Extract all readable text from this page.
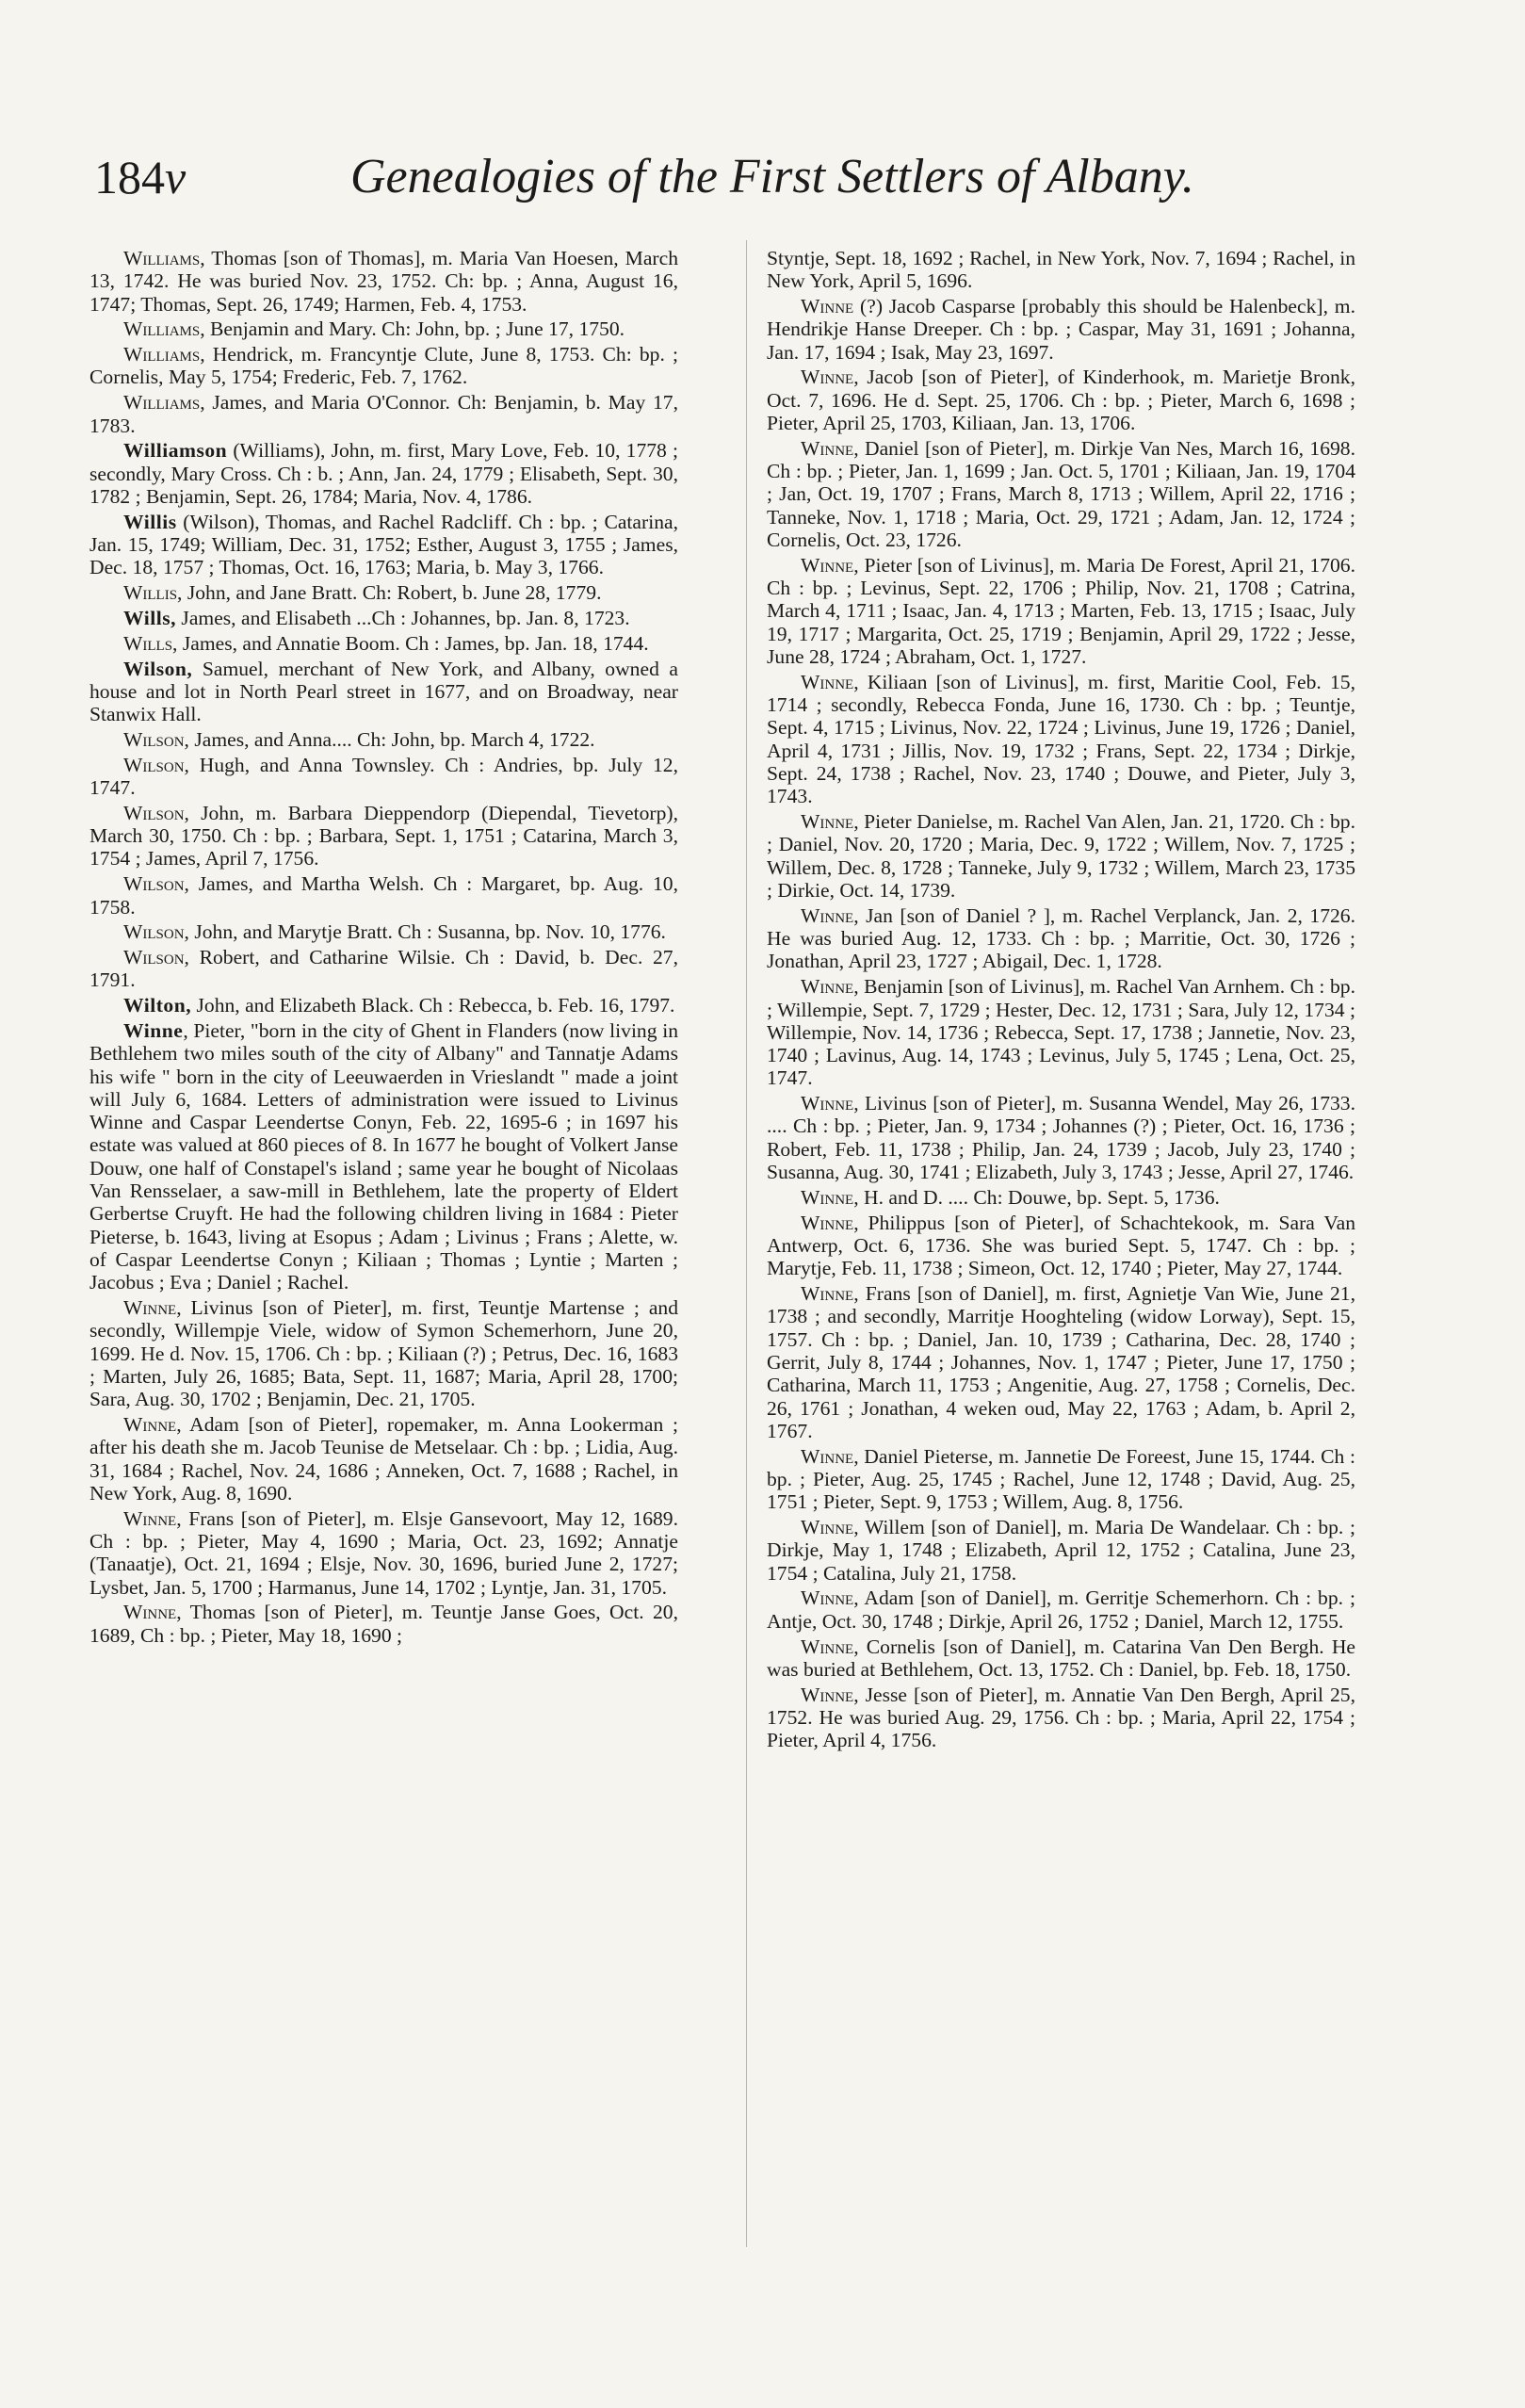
184v	Genealogies of the First Settlers of Albany.

Williams, Thomas [son of Thomas], m. Maria Van Hoesen, March 13, 1742. He was buried Nov. 23, 1752. Ch: bp. ; Anna, August 16, 1747; Thomas, Sept. 26, 1749; Harmen, Feb. 4, 1753.

Williams, Benjamin and Mary. Ch: John, bp. ; June 17, 1750.

Williams, Hendrick, m. Francyntje Clute, June 8, 1753. Ch: bp. ; Cornelis, May 5, 1754; Frederic, Feb. 7, 1762.

Williams, James, and Maria O'Connor. Ch: Benjamin, b. May 17, 1783.

Williamson (Williams), John, m. first, Mary Love, Feb. 10, 1778 ; secondly, Mary Cross. Ch : b. ; Ann, Jan. 24, 1779 ; Elisabeth, Sept. 30, 1782 ; Benjamin, Sept. 26, 1784; Maria, Nov. 4, 1786.

Willis (Wilson), Thomas, and Rachel Radcliff. Ch : bp. ; Catarina, Jan. 15, 1749; William, Dec. 31, 1752; Esther, August 3, 1755 ; James, Dec. 18, 1757 ; Thomas, Oct. 16, 1763; Maria, b. May 3, 1766.

Willis, John, and Jane Bratt. Ch: Robert, b. June 28, 1779.

Wills, James, and Elisabeth ...Ch : Johannes, bp. Jan. 8, 1723.

Wills, James, and Annatie Boom. Ch : James, bp. Jan. 18, 1744.

Wilson, Samuel, merchant of New York, and Albany, owned a house and lot in North Pearl street in 1677, and on Broadway, near Stanwix Hall.

Wilson, James, and Anna.... Ch: John, bp. March 4, 1722.

Wilson, Hugh, and Anna Townsley. Ch : Andries, bp. July 12, 1747.

Wilson, John, m. Barbara Dieppendorp (Diependal, Tievetorp), March 30, 1750. Ch : bp. ; Barbara, Sept. 1, 1751 ; Catarina, March 3, 1754 ; James, April 7, 1756.

Wilson, James, and Martha Welsh. Ch : Margaret, bp. Aug. 10, 1758.

Wilson, John, and Marytje Bratt. Ch : Susanna, bp. Nov. 10, 1776.

Wilson, Robert, and Catharine Wilsie. Ch : David, b. Dec. 27, 1791.

Wilton, John, and Elizabeth Black. Ch : Rebecca, b. Feb. 16, 1797.

Winne, Pieter, "born in the city of Ghent in Flanders (now living in Bethlehem two miles south of the city of Albany" and Tannatje Adams his wife " born in the city of Leeuwaerden in Vrieslandt " made a joint will July 6, 1684. Letters of administration were issued to Livinus Winne and Caspar Leendertse Conyn, Feb. 22, 1695-6 ; in 1697 his estate was valued at 860 pieces of 8. In 1677 he bought of Volkert Janse Douw, one half of Constapel's island ; same year he bought of Nicolaas Van Rensselaer, a saw-mill in Bethlehem, late the property of Eldert Gerbertse Cruyft. He had the following children living in 1684 : Pieter Pieterse, b. 1643, living at Esopus ; Adam ; Livinus ; Frans ; Alette, w. of Caspar Leendertse Conyn ; Kiliaan ; Thomas ; Lyntie ; Marten ; Jacobus ; Eva ; Daniel ; Rachel.

Winne, Livinus [son of Pieter], m. first, Teuntje Martense ; and secondly, Willempje Viele, widow of Symon Schemerhorn, June 20, 1699. He d. Nov. 15, 1706. Ch : bp. ; Kiliaan (?) ; Petrus, Dec. 16, 1683 ; Marten, July 26, 1685; Bata, Sept. 11, 1687; Maria, April 28, 1700; Sara, Aug. 30, 1702 ; Benjamin, Dec. 21, 1705.

Winne, Adam [son of Pieter], ropemaker, m. Anna Lookerman ; after his death she m. Jacob Teunise de Metselaar. Ch : bp. ; Lidia, Aug. 31, 1684 ; Rachel, Nov. 24, 1686 ; Anneken, Oct. 7, 1688 ; Rachel, in New York, Aug. 8, 1690.

Winne, Frans [son of Pieter], m. Elsje Gansevoort, May 12, 1689. Ch : bp. ; Pieter, May 4, 1690 ; Maria, Oct. 23, 1692; Annatje (Tanaatje), Oct. 21, 1694 ; Elsje, Nov. 30, 1696, buried June 2, 1727; Lysbet, Jan. 5, 1700 ; Harmanus, June 14, 1702 ; Lyntje, Jan. 31, 1705.

Winne, Thomas [son of Pieter], m. Teuntje Janse Goes, Oct. 20, 1689, Ch : bp. ; Pieter, May 18, 1690 ;

Styntje, Sept. 18, 1692 ; Rachel, in New York, Nov. 7, 1694 ; Rachel, in New York, April 5, 1696.

Winne (?) Jacob Casparse [probably this should be Halenbeck], m. Hendrikje Hanse Dreeper. Ch : bp. ; Caspar, May 31, 1691 ; Johanna, Jan. 17, 1694 ; Isak, May 23, 1697.

Winne, Jacob [son of Pieter], of Kinderhook, m. Marietje Bronk, Oct. 7, 1696. He d. Sept. 25, 1706. Ch : bp. ; Pieter, March 6, 1698 ; Pieter, April 25, 1703, Kiliaan, Jan. 13, 1706.

Winne, Daniel [son of Pieter], m. Dirkje Van Nes, March 16, 1698. Ch : bp. ; Pieter, Jan. 1, 1699 ; Jan. Oct. 5, 1701 ; Kiliaan, Jan. 19, 1704 ; Jan, Oct. 19, 1707 ; Frans, March 8, 1713 ; Willem, April 22, 1716 ; Tanneke, Nov. 1, 1718 ; Maria, Oct. 29, 1721 ; Adam, Jan. 12, 1724 ; Cornelis, Oct. 23, 1726.

Winne, Pieter [son of Livinus], m. Maria De Forest, April 21, 1706. Ch : bp. ; Levinus, Sept. 22, 1706 ; Philip, Nov. 21, 1708 ; Catrina, March 4, 1711 ; Isaac, Jan. 4, 1713 ; Marten, Feb. 13, 1715 ; Isaac, July 19, 1717 ; Margarita, Oct. 25, 1719 ; Benjamin, April 29, 1722 ; Jesse, June 28, 1724 ; Abraham, Oct. 1, 1727.

Winne, Kiliaan [son of Livinus], m. first, Maritie Cool, Feb. 15, 1714 ; secondly, Rebecca Fonda, June 16, 1730. Ch : bp. ; Teuntje, Sept. 4, 1715 ; Livinus, Nov. 22, 1724 ; Livinus, June 19, 1726 ; Daniel, April 4, 1731 ; Jillis, Nov. 19, 1732 ; Frans, Sept. 22, 1734 ; Dirkje, Sept. 24, 1738 ; Rachel, Nov. 23, 1740 ; Douwe, and Pieter, July 3, 1743.

Winne, Pieter Danielse, m. Rachel Van Alen, Jan. 21, 1720. Ch : bp. ; Daniel, Nov. 20, 1720 ; Maria, Dec. 9, 1722 ; Willem, Nov. 7, 1725 ; Willem, Dec. 8, 1728 ; Tanneke, July 9, 1732 ; Willem, March 23, 1735 ; Dirkie, Oct. 14, 1739.

Winne, Jan [son of Daniel ? ], m. Rachel Verplanck, Jan. 2, 1726. He was buried Aug. 12, 1733. Ch : bp. ; Marritie, Oct. 30, 1726 ; Jonathan, April 23, 1727 ; Abigail, Dec. 1, 1728.

Winne, Benjamin [son of Livinus], m. Rachel Van Arnhem. Ch : bp. ; Willempie, Sept. 7, 1729 ; Hester, Dec. 12, 1731 ; Sara, July 12, 1734 ; Willempie, Nov. 14, 1736 ; Rebecca, Sept. 17, 1738 ; Jannetie, Nov. 23, 1740 ; Lavinus, Aug. 14, 1743 ; Levinus, July 5, 1745 ; Lena, Oct. 25, 1747.

Winne, Livinus [son of Pieter], m. Susanna Wendel, May 26, 1733. .... Ch : bp. ; Pieter, Jan. 9, 1734 ; Johannes (?) ; Pieter, Oct. 16, 1736 ; Robert, Feb. 11, 1738 ; Philip, Jan. 24, 1739 ; Jacob, July 23, 1740 ; Susanna, Aug. 30, 1741 ; Elizabeth, July 3, 1743 ; Jesse, April 27, 1746.

Winne, H. and D. .... Ch: Douwe, bp. Sept. 5, 1736.

Winne, Philippus [son of Pieter], of Schachtekook, m. Sara Van Antwerp, Oct. 6, 1736. She was buried Sept. 5, 1747. Ch : bp. ; Marytje, Feb. 11, 1738 ; Simeon, Oct. 12, 1740 ; Pieter, May 27, 1744.

Winne, Frans [son of Daniel], m. first, Agnietje Van Wie, June 21, 1738 ; and secondly, Marritje Hooghteling (widow Lorway), Sept. 15, 1757. Ch : bp. ; Daniel, Jan. 10, 1739 ; Catharina, Dec. 28, 1740 ; Gerrit, July 8, 1744 ; Johannes, Nov. 1, 1747 ; Pieter, June 17, 1750 ; Catharina, March 11, 1753 ; Angenitie, Aug. 27, 1758 ; Cornelis, Dec. 26, 1761 ; Jonathan, 4 weken oud, May 22, 1763 ; Adam, b. April 2, 1767.

Winne, Daniel Pieterse, m. Jannetie De Foreest, June 15, 1744. Ch : bp. ; Pieter, Aug. 25, 1745 ; Rachel, June 12, 1748 ; David, Aug. 25, 1751 ; Pieter, Sept. 9, 1753 ; Willem, Aug. 8, 1756.

Winne, Willem [son of Daniel], m. Maria De Wandelaar. Ch : bp. ; Dirkje, May 1, 1748 ; Elizabeth, April 12, 1752 ; Catalina, June 23, 1754 ; Catalina, July 21, 1758.

Winne, Adam [son of Daniel], m. Gerritje Schemerhorn. Ch : bp. ; Antje, Oct. 30, 1748 ; Dirkje, April 26, 1752 ; Daniel, March 12, 1755.

Winne, Cornelis [son of Daniel], m. Catarina Van Den Bergh. He was buried at Bethlehem, Oct. 13, 1752. Ch : Daniel, bp. Feb. 18, 1750.

Winne, Jesse [son of Pieter], m. Annatie Van Den Bergh, April 25, 1752. He was buried Aug. 29, 1756. Ch : bp. ; Maria, April 22, 1754 ; Pieter, April 4, 1756.
